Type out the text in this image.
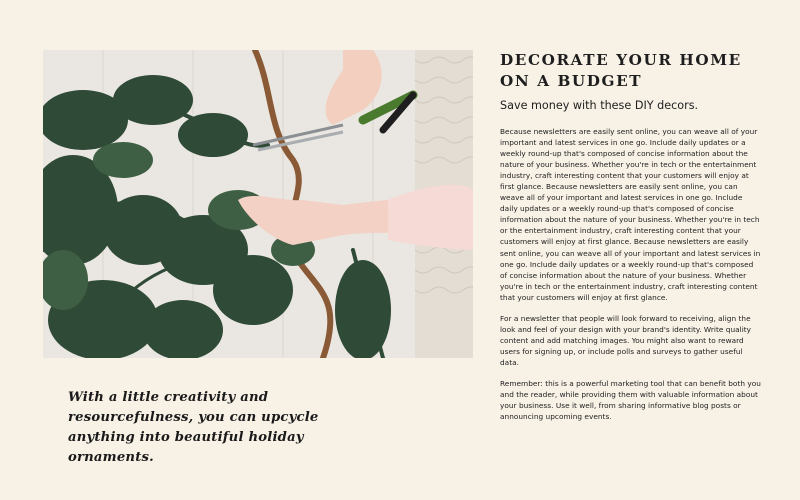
With a little creativity and resourcefulness, you can upcycle anything into beautiful holiday ornaments.
DECORATE YOUR HOME ON A BUDGET
Save money with these DIY decors.

Because newsletters are easily sent online, you can weave all of your important and latest services in one go. Include daily updates or a weekly round-up that's composed of concise information about the nature of your business. Whether you're in tech or the entertainment industry, craft interesting content that your customers will enjoy at first glance. Because newsletters are easily sent online, you can weave all of your important and latest services in one go. Include daily updates or a weekly round-up that's composed of concise information about the nature of your business. Whether you're in tech or the entertainment industry, craft interesting content that your customers will enjoy at first glance. Because newsletters are easily sent online, you can weave all of your important and latest services in one go. Include daily updates or a weekly round-up that's composed of concise information about the nature of your business. Whether you're in tech or the entertainment industry, craft interesting content that your customers will enjoy at first glance.

For a newsletter that people will look forward to receiving, align the look and feel of your design with your brand's identity. Write quality content and add matching images. You might also want to reward users for signing up, or include polls and surveys to gather useful data.

Remember: this is a powerful marketing tool that can benefit both you and the reader, while providing them with valuable information about your business. Use it well, from sharing informative blog posts or announcing upcoming events.
